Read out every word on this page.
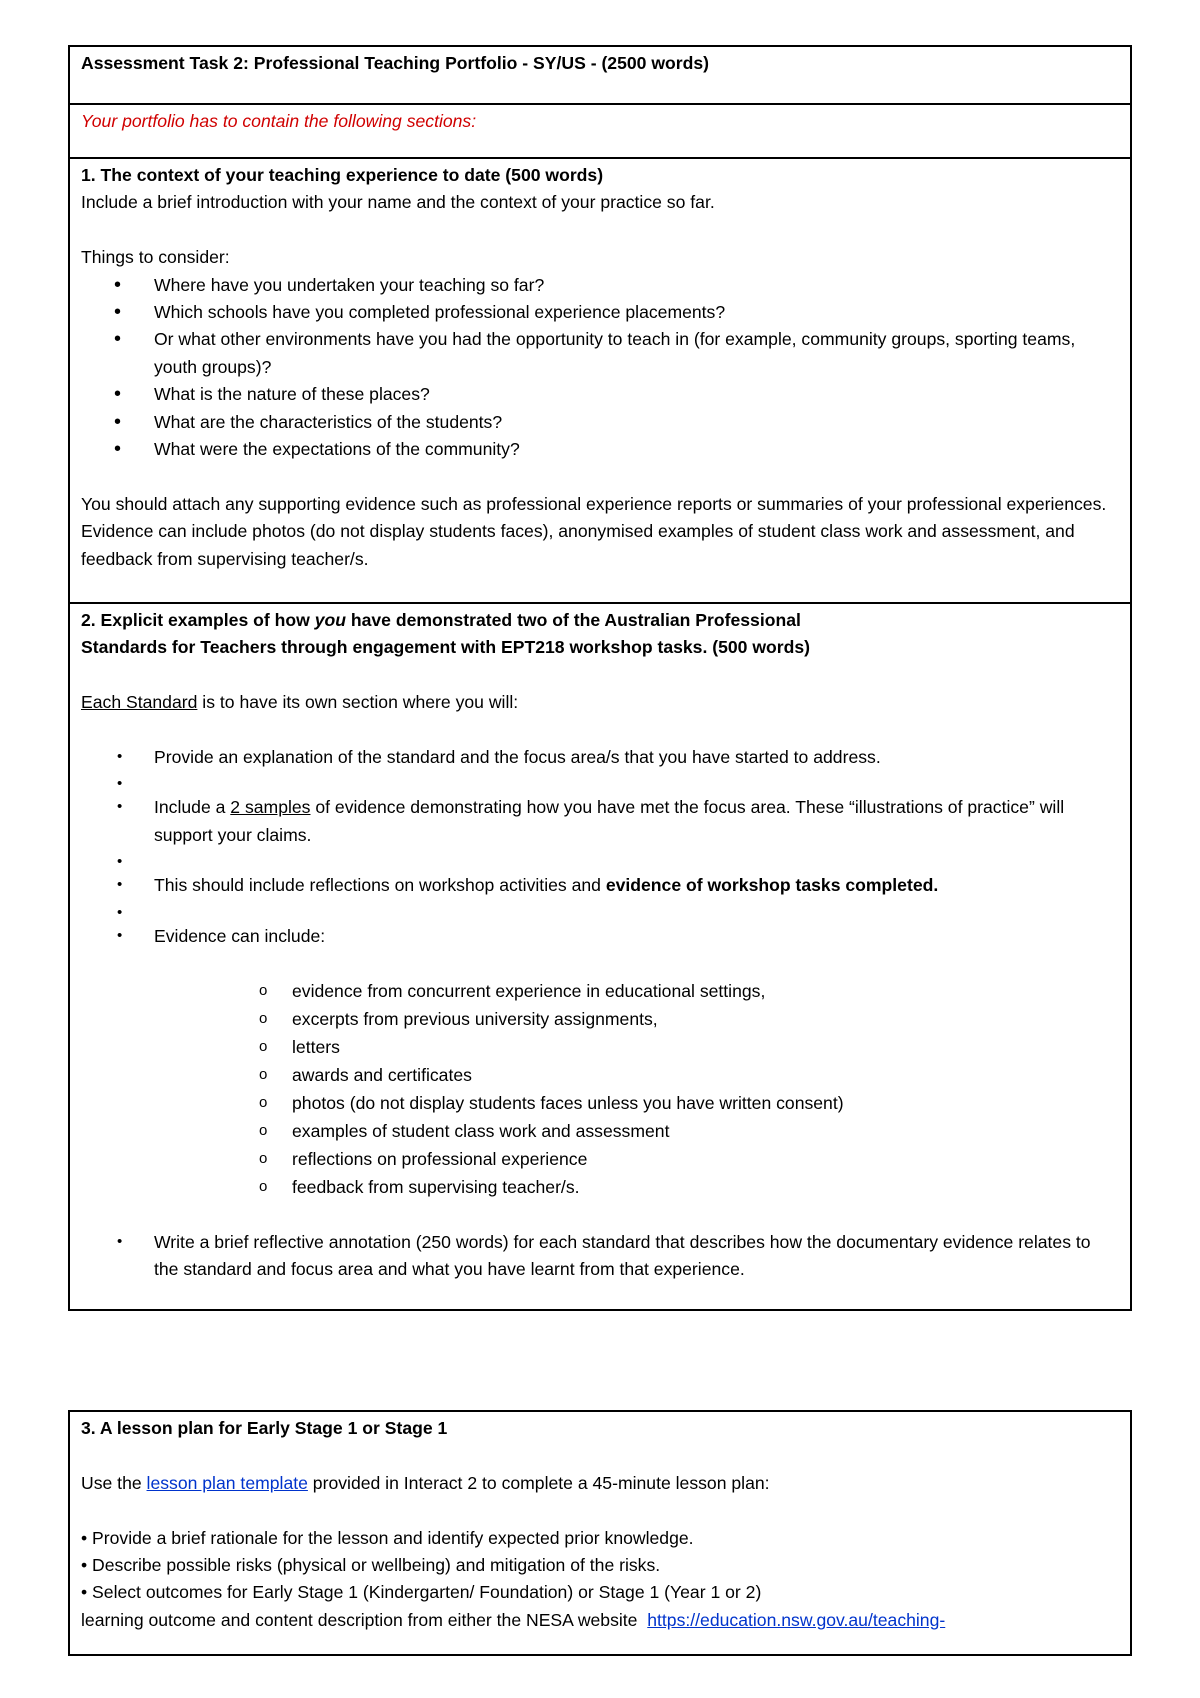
Assessment Task 2: Professional Teaching Portfolio - SY/US - (2500 words)
Your portfolio has to contain the following sections:
1. The context of your teaching experience to date (500 words)
Include a brief introduction with your name and the context of your practice so far.
Things to consider:
• Where have you undertaken your teaching so far?
• Which schools have you completed professional experience placements?
• Or what other environments have you had the opportunity to teach in (for example, community groups, sporting teams, youth groups)?
• What is the nature of these places?
• What are the characteristics of the students?
• What were the expectations of the community?
You should attach any supporting evidence such as professional experience reports or summaries of your professional experiences. Evidence can include photos (do not display students faces), anonymised examples of student class work and assessment, and feedback from supervising teacher/s.
2. Explicit examples of how you have demonstrated two of the Australian Professional
Standards for Teachers through engagement with EPT218 workshop tasks. (500 words)
Each Standard is to have its own section where you will:
• Provide an explanation of the standard and the focus area/s that you have started to address.
•
• Include a 2 samples of evidence demonstrating how you have met the focus area. These “illustrations of practice” will support your claims.
•
• This should include reflections on workshop activities and evidence of workshop tasks completed.
•
• Evidence can include:
o evidence from concurrent experience in educational settings,
o excerpts from previous university assignments,
o letters
o awards and certificates
o photos (do not display students faces unless you have written consent)
o examples of student class work and assessment
o reflections on professional experience
o feedback from supervising teacher/s.
• Write a brief reflective annotation (250 words) for each standard that describes how the documentary evidence relates to the standard and focus area and what you have learnt from that experience.
3. A lesson plan for Early Stage 1 or Stage 1
Use the lesson plan template provided in Interact 2 to complete a 45-minute lesson plan:
• Provide a brief rationale for the lesson and identify expected prior knowledge.
• Describe possible risks (physical or wellbeing) and mitigation of the risks.
• Select outcomes for Early Stage 1 (Kindergarten/ Foundation) or Stage 1 (Year 1 or 2)
learning outcome and content description from either the NESA website  https://education.nsw.gov.au/teaching-
